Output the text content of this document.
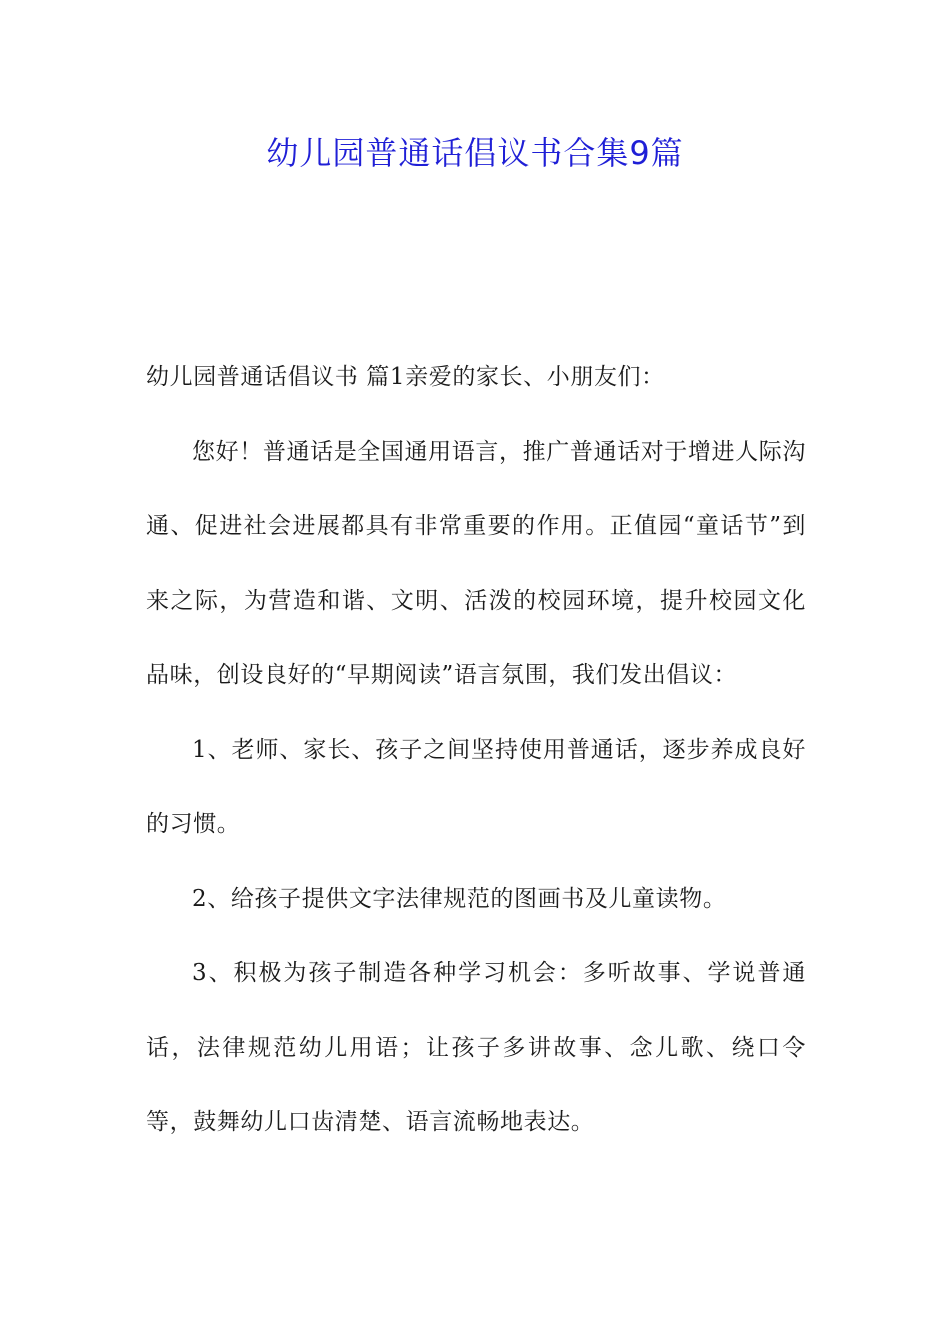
幼儿园普通话倡议书合集9篇

幼儿园普通话倡议书 篇1亲爱的家长、小朋友们：

您好！普通话是全国通用语言，推广普通话对于增进人际沟通、促进社会进展都具有非常重要的作用。正值园“童话节”到来之际，为营造和谐、文明、活泼的校园环境，提升校园文化品味，创设良好的“早期阅读”语言氛围，我们发出倡议：

1、老师、家长、孩子之间坚持使用普通话，逐步养成良好的习惯。

2、给孩子提供文字法律规范的图画书及儿童读物。

3、积极为孩子制造各种学习机会：多听故事、学说普通话，法律规范幼儿用语；让孩子多讲故事、念儿歌、绕口令等，鼓舞幼儿口齿清楚、语言流畅地表达。
